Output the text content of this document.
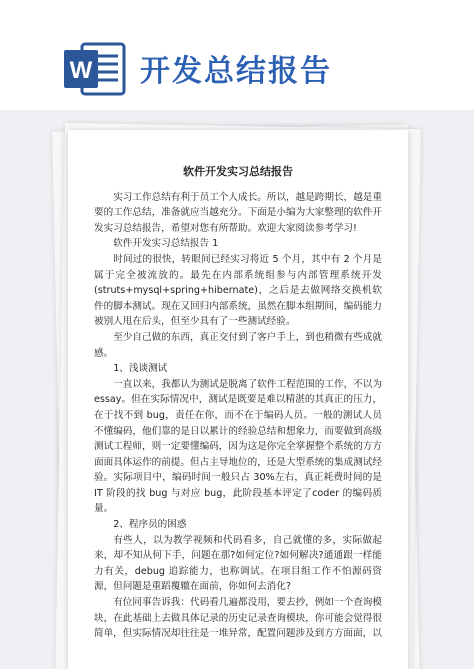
W 开发总结报告
软件开发实习总结报告

实习工作总结有利于员工个人成长。所以，越是跨期长，越是重要的工作总结，准备就应当越充分。下面是小编为大家整理的软件开发实习总结报告，希望对您有所帮助。欢迎大家阅读参考学习!

软件开发实习总结报告 1

时间过的很快，转眼间已经实习将近 5 个月，其中有 2 个月是属于完全被流放的。最先在内部系统组参与内部管理系统开发(struts+mysql+spring+hibernate)，之后是去做网络交换机软件的脚本测试。现在又回归内部系统，虽然在脚本组期间，编码能力被别人甩在后头，但至少具有了一些测试经验。

至少自己做的东西，真正交付到了客户手上，到也稍微有些成就感。

1、浅谈测试

一直以来，我都认为测试是脱离了软件工程范围的工作，不以为essay。但在实际情况中，测试是既要是难以精湛的其真正的压力，在于找不到 bug，责任在你，而不在于编码人员。一般的测试人员不懂编码，他们靠的是日以累计的经验总结和想象力，而要做到高级测试工程师，则一定要懂编码，因为这是你完全掌握整个系统的方方面面具体运作的前提。但占主导地位的，还是大型系统的集成测试经验。实际项目中，编码时间一般只占 30%左右，真正耗费时间的是 IT 阶段的找 bug 与对应 bug，此阶段基本评定了coder 的编码质量。

2、程序员的困惑

有些人，以为教学视频和代码看多，自己就懂的多，实际做起来，却不知从何下手，问题在那?如何定位?如何解决?通通跟一样能力有关，debug 追踪能力，也称调试。在项目组工作不怕源码资源，但问题是重蹈覆辙在面前，你如何去消化?

有位同事告诉我：代码看几遍都没用，要去抄，例如一个查询模块，在此基础上去做具体记录的历史记录查询模块，你可能会觉得很简单，但实际情况却往往是一堆异常，配置问题涉及到方方面面，以
